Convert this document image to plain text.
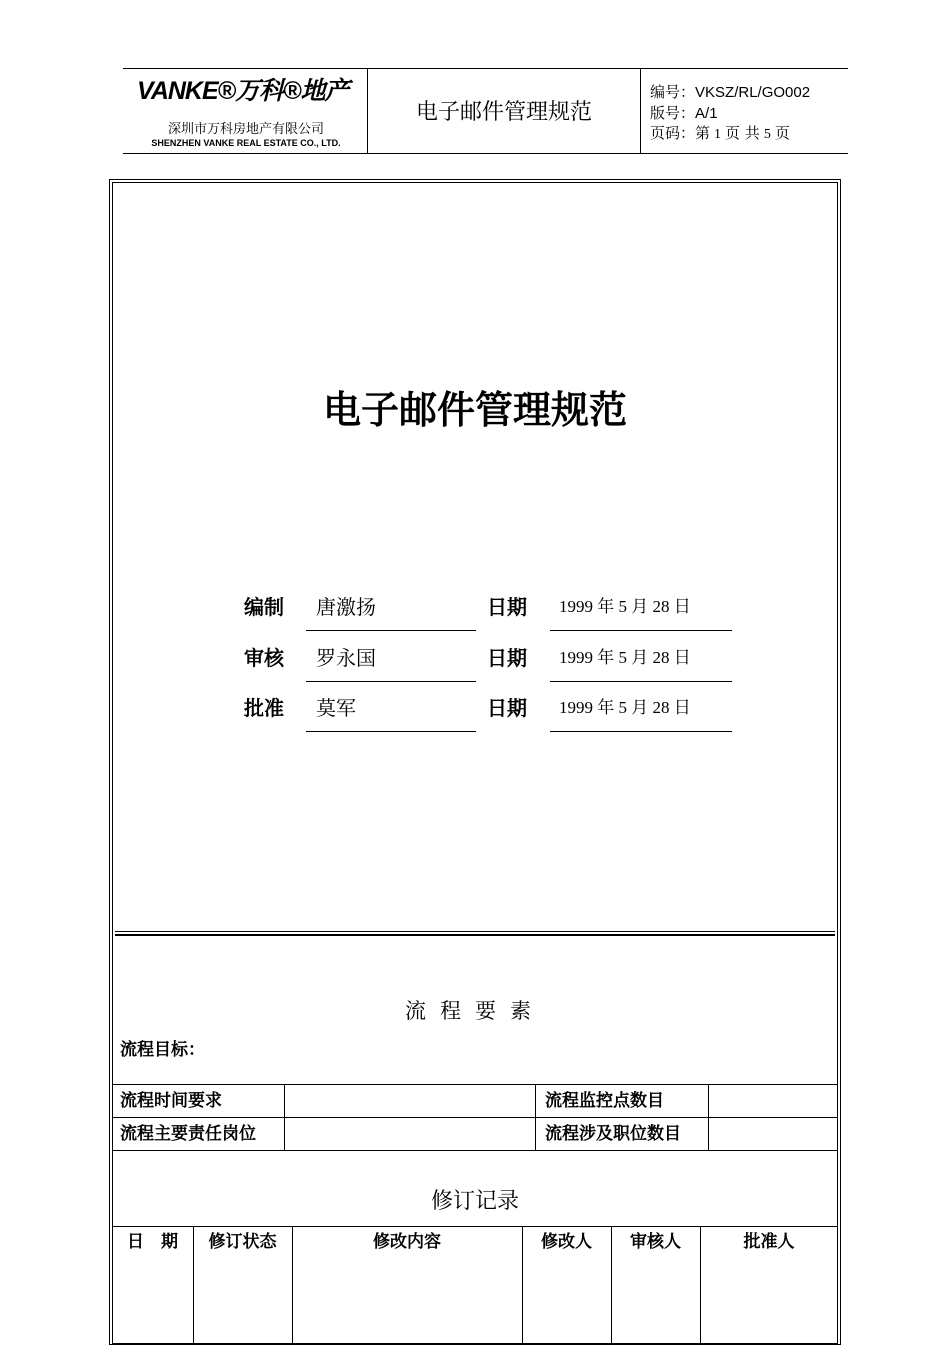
VANKE®万科®地产
深圳市万科房地产有限公司
SHENZHEN VANKE REAL ESTATE CO., LTD.
电子邮件管理规范
编号：VKSZ/RL/GO002
版号：A/1
页码：第 1 页 共 5 页
电子邮件管理规范
编制 唐激扬	日期 1999 年 5 月 28 日
审核 罗永国	日期 1999 年 5 月 28 日
批准 莫军	日期 1999 年 5 月 28 日
流程要素
流程目标：
流程时间要求	流程监控点数目
流程主要责任岗位	流程涉及职位数目
修订记录
日　期	修订状态	修改内容	修改人	审核人	批准人
